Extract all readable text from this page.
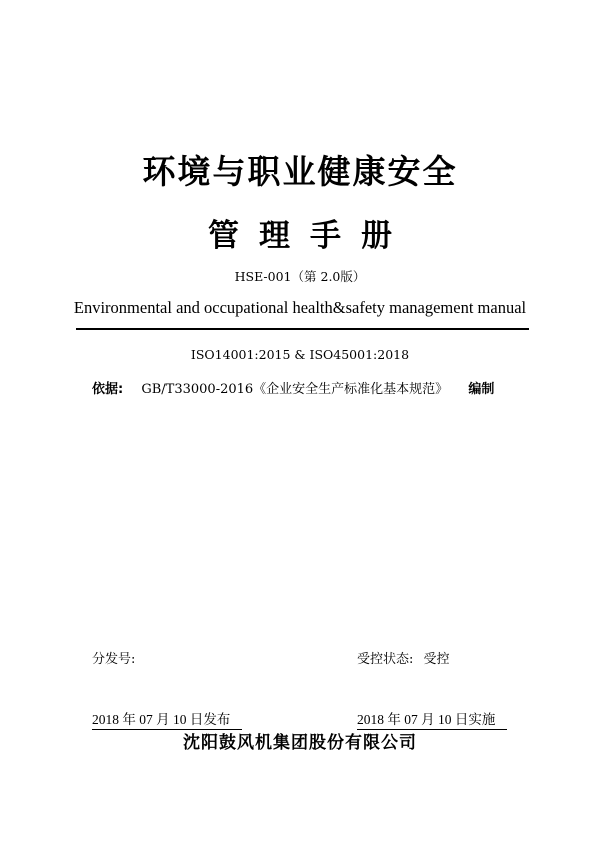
环境与职业健康安全
管理手册
HSE-001（第 2.0版）
Environmental and occupational health&safety management manual
ISO14001:2015 & ISO45001:2018
依据: GB/T33000-2016《企业安全生产标准化基本规范》 编制
分发号:	受控状态: 受控
2018 年 07 月 10 日发布	2018 年 07 月 10 日实施
沈阳鼓风机集团股份有限公司
